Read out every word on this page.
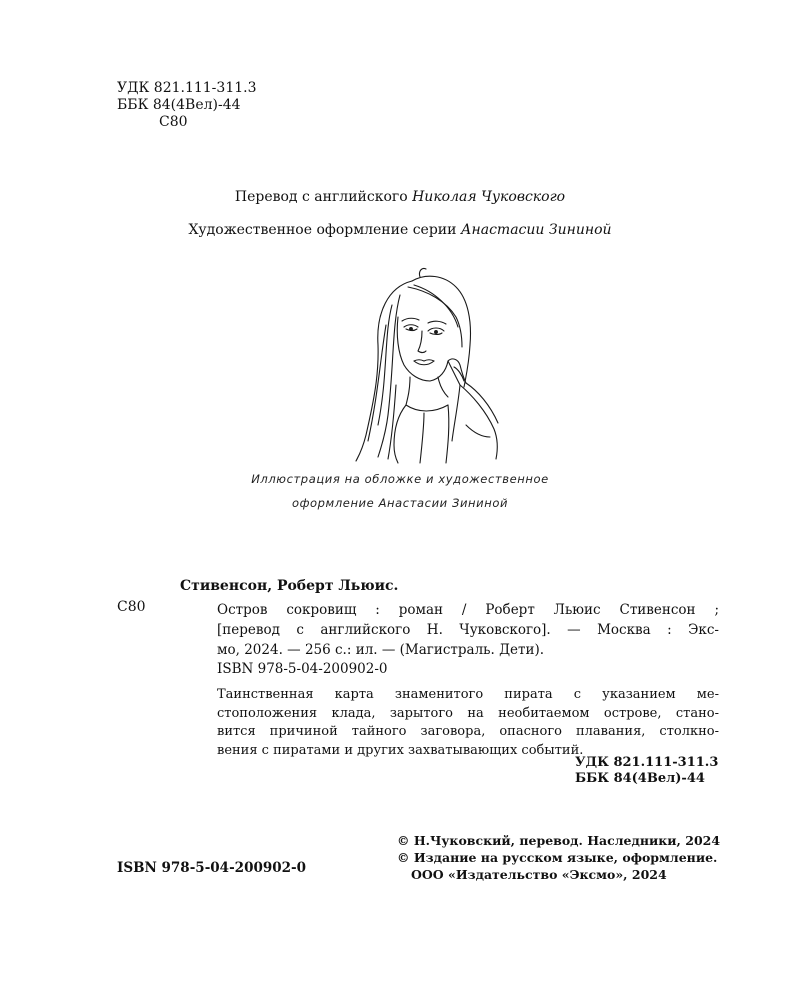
УДК 821.111-311.3
ББК 84(4Вел)-44
С80
Перевод с английского Николая Чуковского
Художественное оформление серии Анастасии Зининой
Иллюстрация на обложке и художественное
оформление Анастасии Зининой
Стивенсон, Роберт Льюис.
С80	Остров сокровищ : роман / Роберт Льюис Стивенсон ;
[перевод с английского Н. Чуковского]. — Москва : Экс-
мо, 2024. — 256 с.: ил. — (Магистраль. Дети).
ISBN 978-5-04-200902-0
Таинственная карта знаменитого пирата с указанием ме-
стоположения клада, зарытого на необитаемом острове, стано-
вится причиной тайного заговора, опасного плавания, столкно-
вения с пиратами и других захватывающих событий.
УДК 821.111-311.3
ББК 84(4Вел)-44
© Н.Чуковский, перевод. Наследники, 2024
© Издание на русском языке, оформление.
ООО «Издательство «Эксмо», 2024
ISBN 978-5-04-200902-0
